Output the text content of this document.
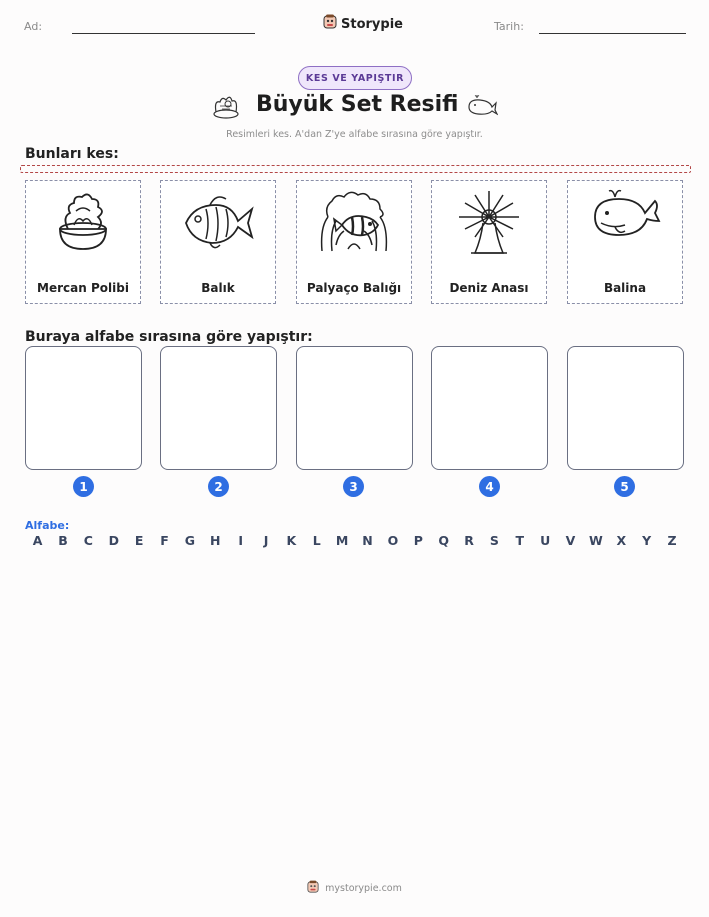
Ad:	Storypie	Tarih:
KES VE YAPIŞTIR
Büyük Set Resifi
Resimleri kes. A'dan Z'ye alfabe sırasına göre yapıştır.
Bunları kes:
Mercan Polibi	Balık	Palyaço Balığı	Deniz Anası	Balina
Buraya alfabe sırasına göre yapıştır:
1	2	3	4	5
Alfabe:
A	B	C	D	E	F	G	H	I	J	K	L	M	N	O	P	Q	R	S	T	U	V	W	X	Y	Z
mystorypie.com
